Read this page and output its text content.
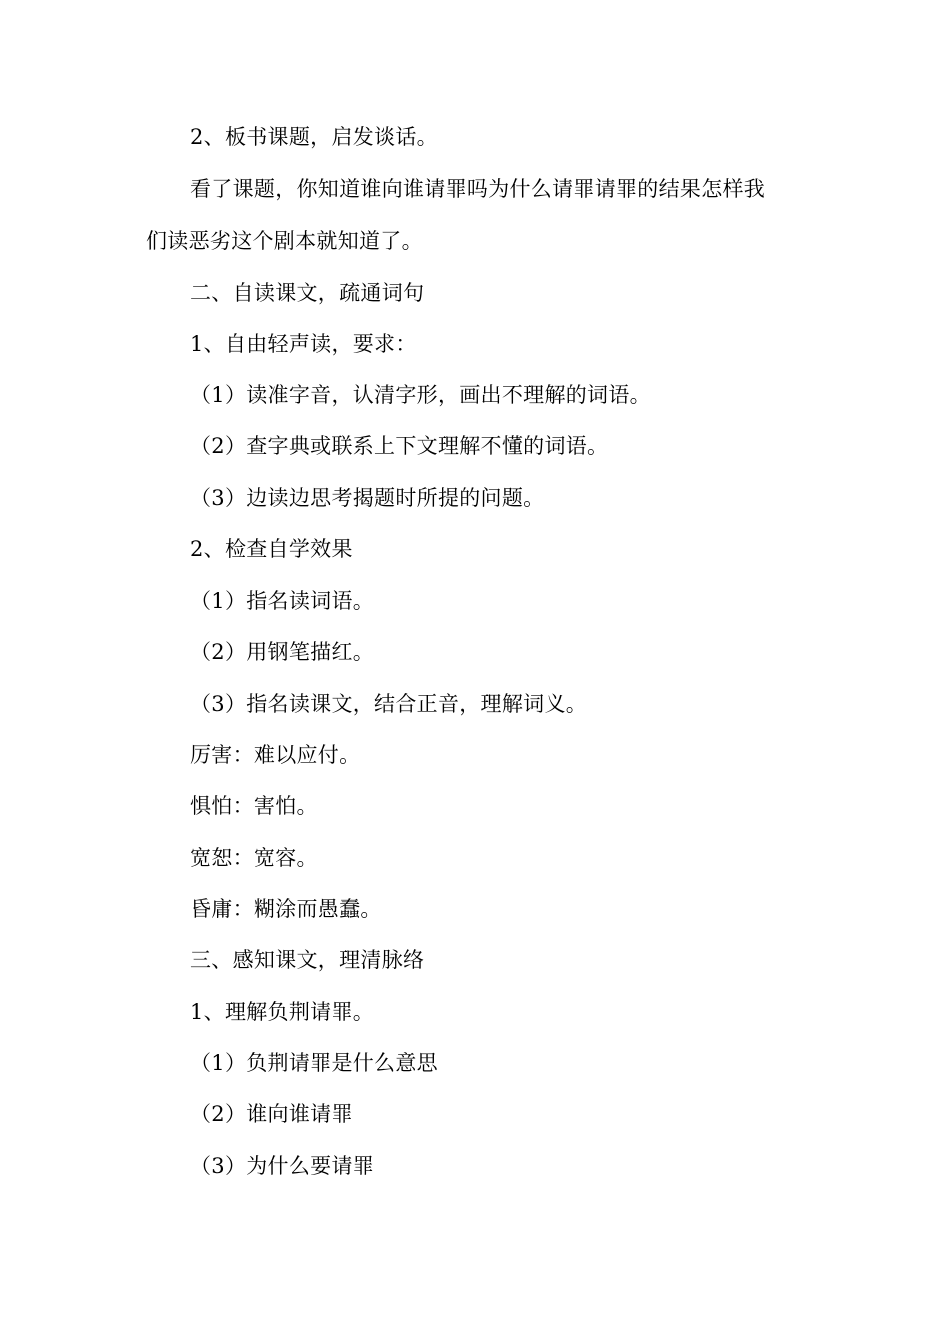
2、板书课题，启发谈话。
看了课题，你知道谁向谁请罪吗为什么请罪请罪的结果怎样我
们读恶劣这个剧本就知道了。
二、自读课文，疏通词句
1、自由轻声读，要求：
（1）读准字音，认清字形，画出不理解的词语。
（2）查字典或联系上下文理解不懂的词语。
（3）边读边思考揭题时所提的问题。
2、检查自学效果
（1）指名读词语。
（2）用钢笔描红。
（3）指名读课文，结合正音，理解词义。
厉害：难以应付。
惧怕：害怕。
宽恕：宽容。
昏庸：糊涂而愚蠢。
三、感知课文，理清脉络
1、理解负荆请罪。
（1）负荆请罪是什么意思
（2）谁向谁请罪
（3）为什么要请罪
